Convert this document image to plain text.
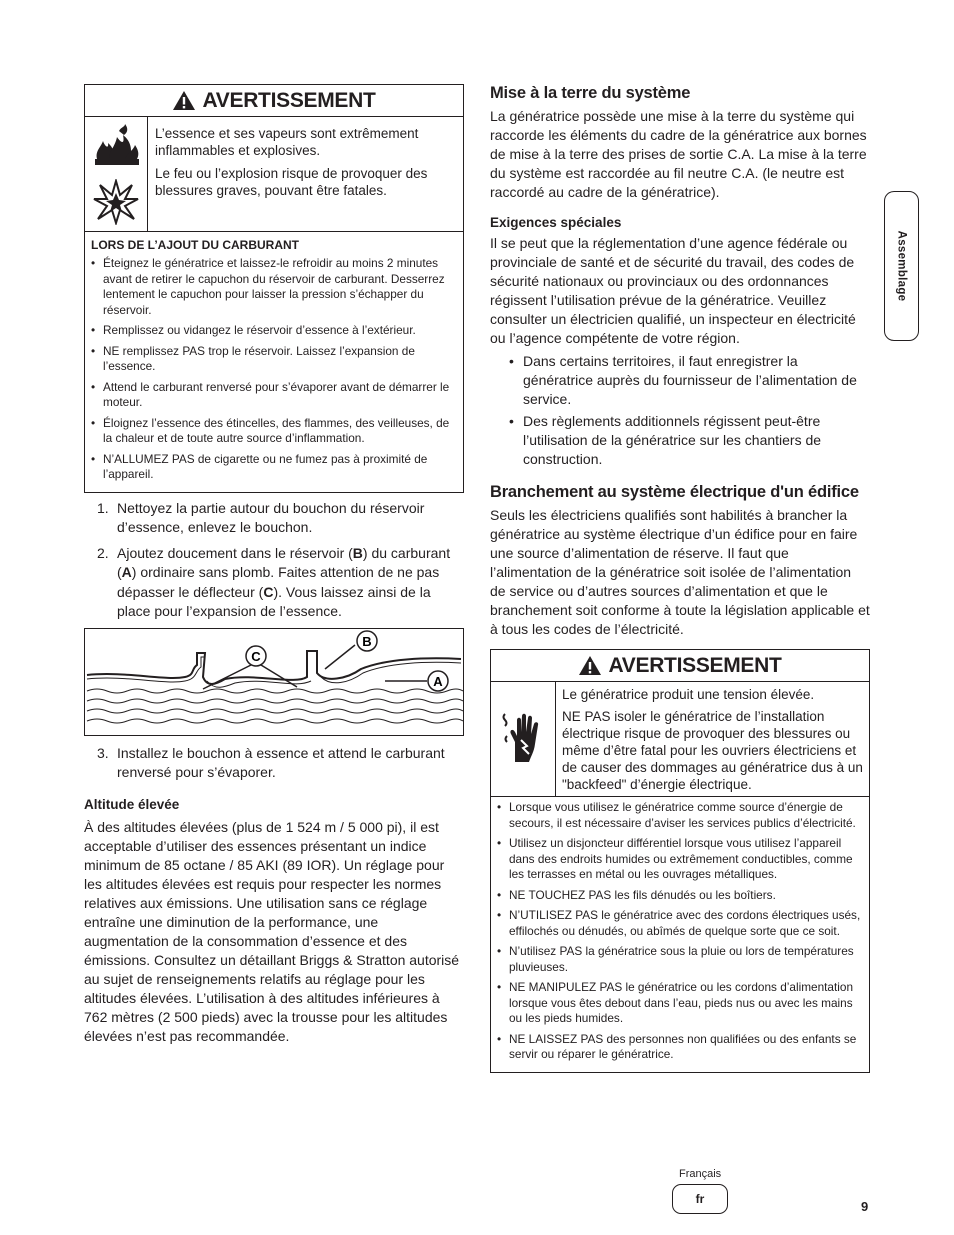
AVERTISSEMENT

L’essence et ses vapeurs sont extrêmement inflammables et explosives.

Le feu ou l’explosion risque de provoquer des blessures graves, pouvant être fatales.

LORS DE L’AJOUT DU CARBURANT
• Éteignez le génératrice et laissez-le refroidir au moins 2 minutes avant de retirer le capuchon du réservoir de carburant. Desserrez lentement le capuchon pour laisser la pression s’échapper du réservoir.
• Remplissez ou vidangez le réservoir d’essence à l’extérieur.
• NE remplissez PAS trop le réservoir. Laissez l’expansion de l’essence.
• Attend le carburant renversé pour s’évaporer avant de démarrer le moteur.
• Éloignez l’essence des étincelles, des flammes, des veilleuses, de la chaleur et de toute autre source d’inflammation.
• N’ALLUMEZ PAS de cigarette ou ne fumez pas à proximité de l’appareil.
1. Nettoyez la partie autour du bouchon du réservoir d’essence, enlevez le bouchon.
2. Ajoutez doucement dans le réservoir (B) du carburant (A) ordinaire sans plomb. Faites attention de ne pas dépasser le déflecteur (C). Vous laissez ainsi de la place pour l’expansion de l’essence.
C
B
A
3. Installez le bouchon à essence et attend le carburant renversé pour s’évaporer.
Altitude élevée

À des altitudes élevées (plus de 1 524 m / 5 000 pi), il est acceptable d’utiliser des essences présentant un indice minimum de 85 octane / 85 AKI (89 IOR). Un réglage pour les altitudes élevées est requis pour respecter les normes relatives aux émissions. Une utilisation sans ce réglage entraîne une diminution de la performance, une augmentation de la consommation d’essence et des émissions. Consultez un détaillant Briggs & Stratton autorisé au sujet de renseignements relatifs au réglage pour les altitudes élevées. L’utilisation à des altitudes inférieures à 762 mètres (2 500 pieds) avec la trousse pour les altitudes élevées n’est pas recommandée.

Mise à la terre du système

La génératrice possède une mise à la terre du système qui raccorde les éléments du cadre de la génératrice aux bornes de mise à la terre des prises de sortie C.A. La mise à la terre du système est raccordée au fil neutre C.A. (le neutre est raccordé au cadre de la génératrice).

Exigences spéciales

Il se peut que la réglementation d’une agence fédérale ou provinciale de santé et de sécurité du travail, des codes de sécurité nationaux ou provinciaux ou des ordonnances régissent l’utilisation prévue de la génératrice. Veuillez consulter un électricien qualifié, un inspecteur en électricité ou l’agence compétente de votre région.

• Dans certains territoires, il faut enregistrer la génératrice auprès du fournisseur de l’alimentation de service.
• Des règlements additionnels régissent peut-être l’utilisation de la génératrice sur les chantiers de construction.
Branchement au système électrique d'un édifice

Seuls les électriciens qualifiés sont habilités à brancher la génératrice au système électrique d’un édifice pour en faire une source d’alimentation de réserve. Il faut que l’alimentation de la génératrice soit isolée de l’alimentation de service ou d’autres sources d’alimentation et que le branchement soit conforme à toute la législation applicable et à tous les codes de l’électricité.

AVERTISSEMENT

Le génératrice produit une tension élevée.

NE PAS isoler le génératrice de l’installation électrique risque de provoquer des blessures ou même d’être fatal pour les ouvriers électriciens et de causer des dommages au génératrice dus à un "backfeed" d’énergie électrique.

• Lorsque vous utilisez le génératrice comme source d’énergie de secours, il est nécessaire d’aviser les services publics d’électricité.
• Utilisez un disjoncteur différentiel lorsque vous utilisez l’appareil dans des endroits humides ou extrêmement conductibles, comme les terrasses en métal ou les ouvrages métalliques.
• NE TOUCHEZ PAS les fils dénudés ou les boîtiers.
• N’UTILISEZ PAS le génératrice avec des cordons électriques usés, effilochés ou dénudés, ou abîmés de quelque sorte que ce soit.
• N’utilisez PAS la génératrice sous la pluie ou lors de températures pluvieuses.
• NE MANIPULEZ PAS le génératrice ou les cordons d’alimentation lorsque vous êtes debout dans l’eau, pieds nus ou avec les mains ou les pieds humides.
• NE LAISSEZ PAS des personnes non qualifiées ou des enfants se servir ou réparer le génératrice.
Assemblage
Français
fr	9
